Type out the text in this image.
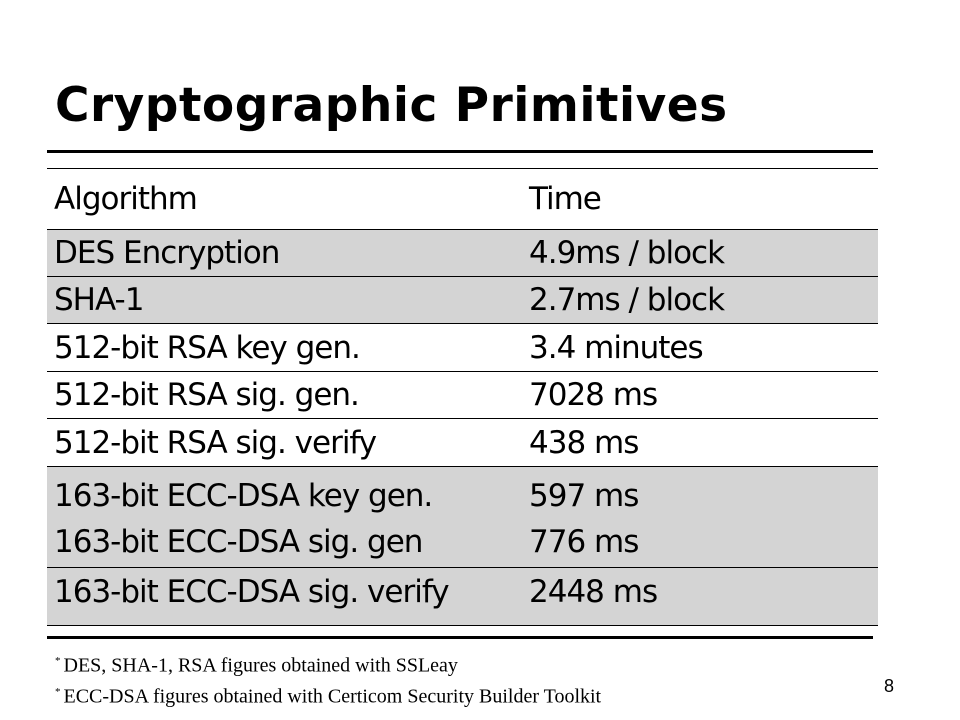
Cryptographic Primitives
Algorithm	Time
DES Encryption	4.9ms / block
SHA-1	2.7ms / block
512-bit RSA key gen.	3.4 minutes
512-bit RSA sig. gen.	7028 ms
512-bit RSA sig. verify	438 ms
163-bit ECC-DSA key gen.	597 ms
163-bit ECC-DSA sig. gen	776 ms
163-bit ECC-DSA sig. verify	2448 ms
* DES, SHA-1, RSA figures obtained with SSLeay
* ECC-DSA figures obtained with Certicom Security Builder Toolkit	8
